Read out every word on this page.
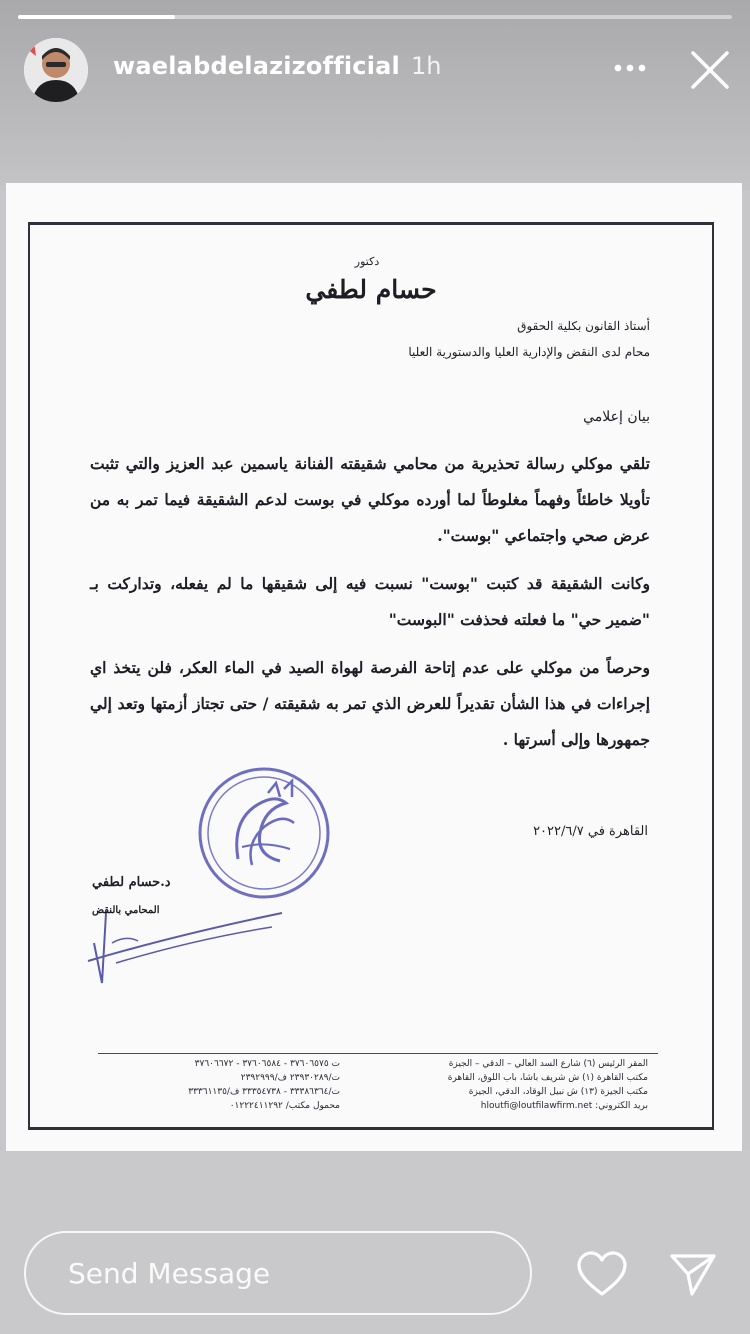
waelabdelazizofficial 1h
دكتور
حسام لطفي
أستاذ القانون بكلية الحقوق
محام لدى النقض والإدارية العليا والدستورية العليا
بيان إعلامي
تلقي موكلي رسالة تحذيرية من محامي شقيقته الفنانة ياسمين عبد العزيز والتي تثبت تأويلا خاطئاً وفهماً مغلوطاً لما أورده موكلي في بوست لدعم الشقيقة فيما تمر به من عرض صحي واجتماعي "بوست".
وكانت الشقيقة قد كتبت "بوست" نسبت فيه إلى شقيقها ما لم يفعله، وتداركت بـ "ضمير حي" ما فعلته فحذفت "البوست"
وحرصاً من موكلي على عدم إتاحة الفرصة لهواة الصيد في الماء العكر، فلن يتخذ اي إجراءات في هذا الشأن تقديراً للعرض الذي تمر به شقيقته / حتى تجتاز أزمتها وتعد إلي جمهورها وإلى أسرتها .
القاهرة في ٢٠٢٢/٦/٧
د.حسام لطفي
المحامي بالنقض
المقر الرئيس (٦) شارع السد العالي – الدقي – الجيزة
مكتب القاهرة (١) ش شريف باشا، باب اللوق، القاهرة
مكتب الجيزة (١٣) ش نبيل الوقاد، الدقي، الجيزة
بريد الكتروني: hloutfi@loutfilawfirm.net
ت ٣٧٦٠٦٥٧٥ - ٣٧٦٠٦٥٨٤ - ٣٧٦٠٦٦٧٢
ت/٢٣٩٣٠٢٨٩ ف/٢٣٩٢٩٩٩
ت/٣٣٣٨٦٣٦٤ - ٣٣٣٥٤٧٣٨ ف/٣٣٣٦١١٣٥
محمول مكتب/ ٠١٢٢٢٤١١٢٩٢
Send Message
